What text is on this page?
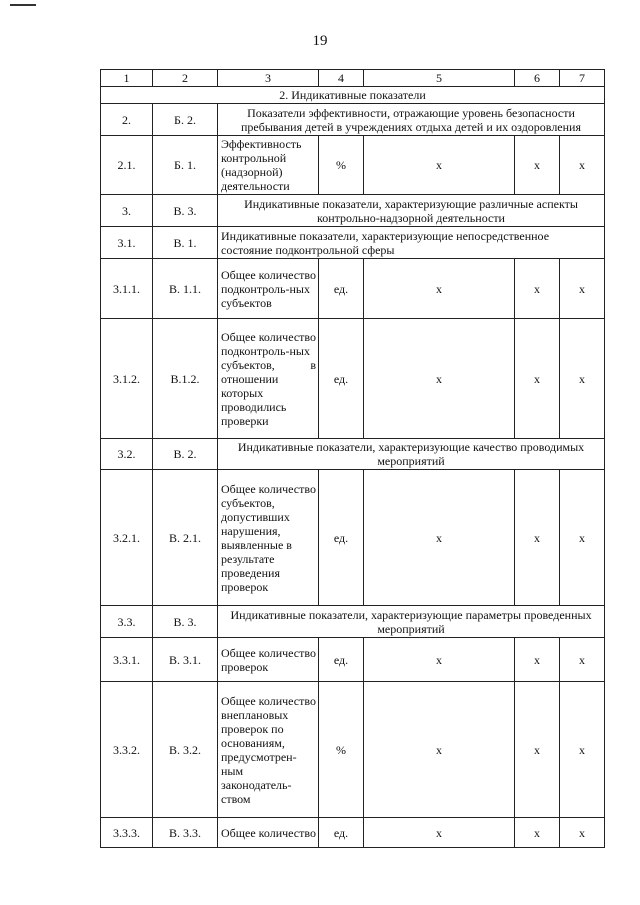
19
1	2	3	4	5	6	7
2. Индикативные показатели						
2.	Б. 2.	Показатели эффективности, отражающие уровень безопасности пребывания детей в учреждениях отдыха детей и их оздоровления				
2.1.	Б. 1.	Эффективность контрольной (надзорной) деятельности	%	x	x	x
3.	В. 3.	Индикативные показатели, характеризующие различные аспекты контрольно-надзорной деятельности				
3.1.	В. 1.	Индикативные показатели, характеризующие непосредственное состояние подконтрольной сферы				
3.1.1.	В. 1.1.	Общее количество подконтроль-ных субъектов	ед.	x	x	x
3.1.2.	В.1.2.	Общее количество подконтроль-ных субъектов, в отношении которых проводились проверки	ед.	x	x	x
3.2.	В. 2.	Индикативные показатели, характеризующие качество проводимых мероприятий				
3.2.1.	В. 2.1.	Общее количество субъектов, допустивших нарушения, выявленные в результате проведения проверок	ед.	x	x	x
3.3.	В. 3.	Индикативные показатели, характеризующие параметры проведенных мероприятий				
3.3.1.	В. 3.1.	Общее количество проверок	ед.	x	x	x
3.3.2.	В. 3.2.	Общее количество внеплановых проверок по основаниям, предусмотрен-ным законодатель-ством	%	x	x	x
3.3.3.	В. 3.3.	Общее количество	ед.	x	x	x
